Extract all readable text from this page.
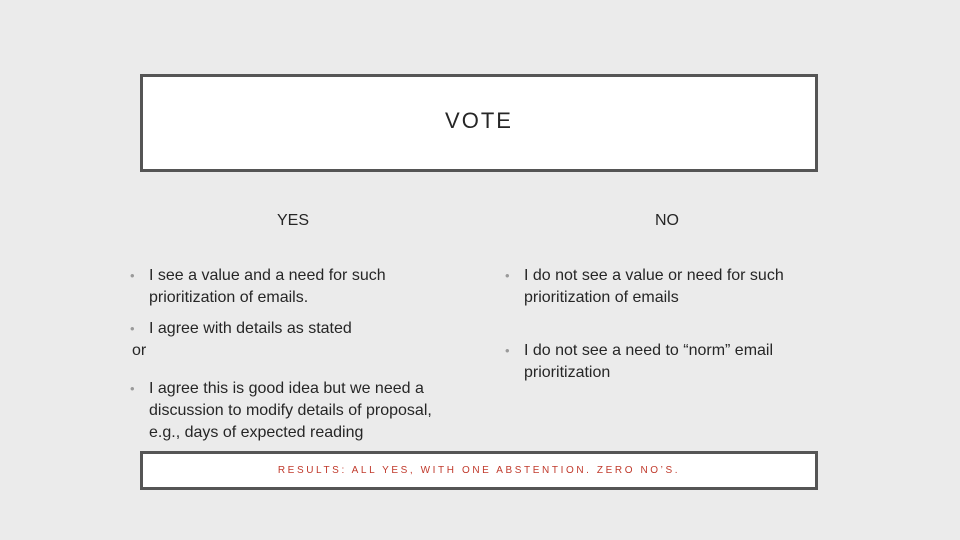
VOTE
YES	NO

• I see a value and a need for such prioritization of emails.

• I agree with details as stated

or

• I agree this is good idea but we need a discussion to modify details of proposal, e.g., days of expected reading

• I do not see a value or need for such prioritization of emails

• I do not see a need to “norm” email prioritization

RESULTS: ALL YES, WITH ONE ABSTENTION. ZERO NO’S.
